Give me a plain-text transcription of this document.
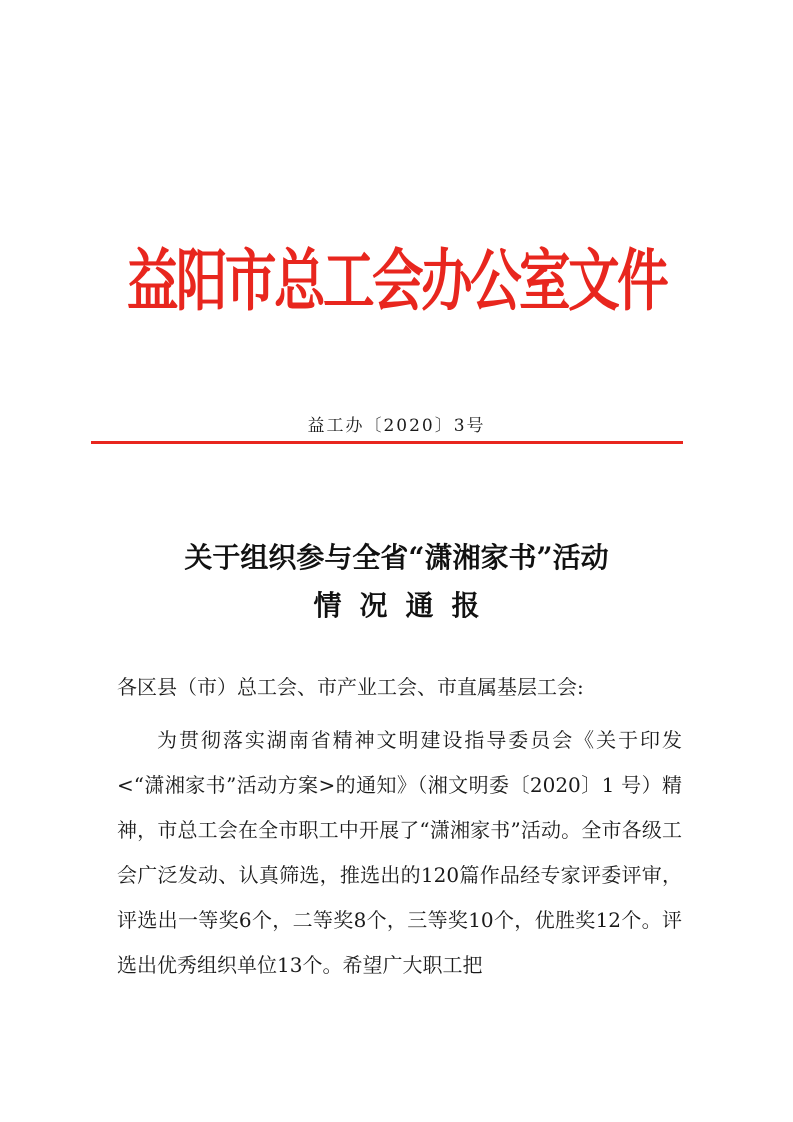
益阳市总工会办公室文件
益工办〔2020〕3号
关于组织参与全省“潇湘家书”活动
情况通报
各区县（市）总工会、市产业工会、市直属基层工会:
为贯彻落实湖南省精神文明建设指导委员会《关于印发<“潇湘家书”活动方案>的通知》（湘文明委〔2020〕1 号）精神，市总工会在全市职工中开展了“潇湘家书”活动。全市各级工会广泛发动、认真筛选，推选出的120篇作品经专家评委评审，评选出一等奖6个，二等奖8个，三等奖10个，优胜奖12个。评选出优秀组织单位13个。希望广大职工把
